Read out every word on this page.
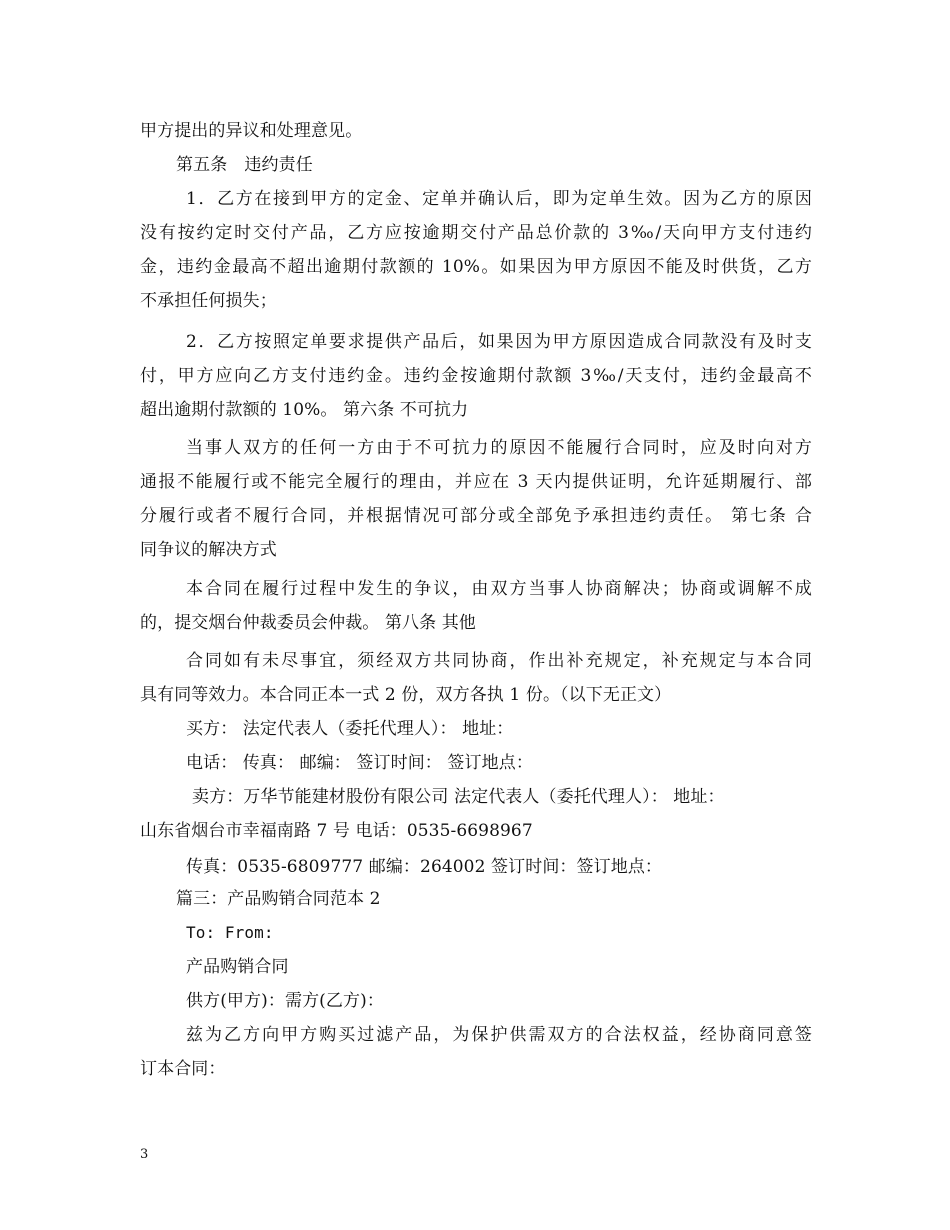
甲方提出的异议和处理意见。
第五条　违约责任
1．乙方在接到甲方的定金、定单并确认后，即为定单生效。因为乙方的原因
没有按约定时交付产品，乙方应按逾期交付产品总价款的 3‰/天向甲方支付违约
金，违约金最高不超出逾期付款额的 10%。如果因为甲方原因不能及时供货，乙方
不承担任何损失；
2．乙方按照定单要求提供产品后，如果因为甲方原因造成合同款没有及时支
付，甲方应向乙方支付违约金。违约金按逾期付款额 3‰/天支付，违约金最高不
超出逾期付款额的 10%。 第六条 不可抗力
当事人双方的任何一方由于不可抗力的原因不能履行合同时，应及时向对方
通报不能履行或不能完全履行的理由，并应在 3 天内提供证明，允许延期履行、部
分履行或者不履行合同，并根据情况可部分或全部免予承担违约责任。 第七条 合
同争议的解决方式
本合同在履行过程中发生的争议，由双方当事人协商解决；协商或调解不成
的，提交烟台仲裁委员会仲裁。 第八条 其他
合同如有未尽事宜，须经双方共同协商，作出补充规定，补充规定与本合同
具有同等效力。本合同正本一式 2 份，双方各执 1 份。（以下无正文）
买方： 法定代表人（委托代理人）： 地址：
电话： 传真： 邮编： 签订时间： 签订地点：
卖方：万华节能建材股份有限公司 法定代表人（委托代理人）： 地址：
山东省烟台市幸福南路 7 号 电话：0535-6698967
传真：0535-6809777 邮编：264002 签订时间：签订地点：
篇三：产品购销合同范本 2
To: From:
产品购销合同
供方(甲方)：需方(乙方)：
兹为乙方向甲方购买过滤产品，为保护供需双方的合法权益，经协商同意签
订本合同：
3
